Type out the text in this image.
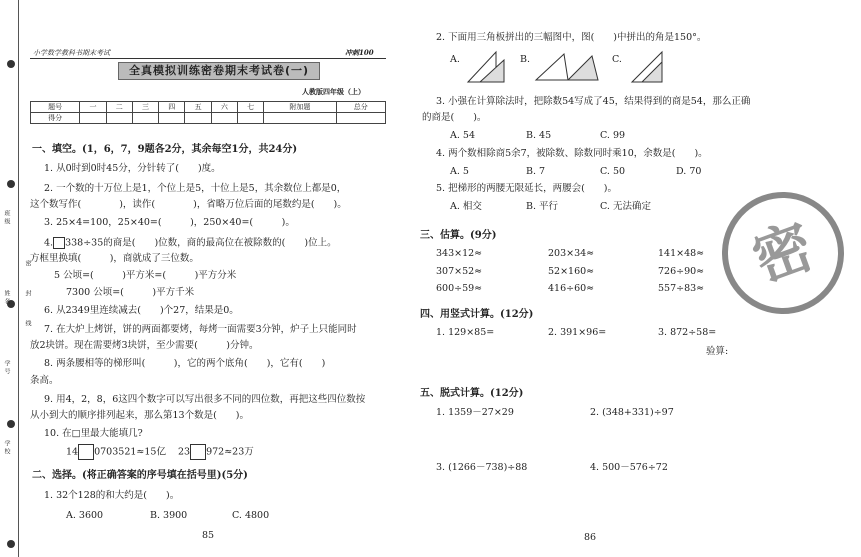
班级
姓名
学号
学校
密
封
线
小学数学教科书期末考试	冲刺100
全真模拟训练密卷期末考试卷(一)
人教版四年级（上）
题号	一	二	三	四	五	六	七	附加题	总分
得分									
一、填空。(1，6，7，9题各2分，其余每空1分，共24分)
1. 从0时到0时45分，分针转了(　　)度。
2. 一个数的十万位上是1，个位上是5，十位上是5，其余数位上都是0，
这个数写作(　　　　)，读作(　　　　)，省略万位后面的尾数约是(　　)。
3. 25×4=100，25×40=(　　　)，250×40=(　　　)。
4. 338÷35的商是(　　)位数，商的最高位在被除数的(　　)位上。
方框里换填(　　　)，商就成了三位数。
5 公顷=(　　　)平方米=(　　　)平方分米
7300 公顷=(　　　)平方千米
6. 从2349里连续减去(　　)个27，结果是0。
7. 在大炉上烤饼，饼的两面都要烤，每烤一面需要3分钟，炉子上只能同时
放2块饼。现在需要烤3块饼，至少需要(　　　)分钟。
8. 两条腰相等的梯形叫(　　　)，它的两个底角(　　)，它有(　　)
条高。
9. 用4，2，8，6这四个数字可以写出很多不同的四位数，再把这些四位数按
从小到大的顺序排列起来，那么第13个数是(　　)。
10. 在□里最大能填几?
14 0703521≈15亿 23 972≈23万
二、选择。(将正确答案的序号填在括号里)(5分)
1. 32个128的和大约是(　　)。
A. 3600	B. 3900	C. 4800
85
2. 下面用三角板拼出的三幅图中，图(　　)中拼出的角是150°。
A.	B.	C.
3. 小强在计算除法时，把除数54写成了45，结果得到的商是54，那么正确
的商是(　　)。
A. 54	B. 45	C. 99
4. 两个数相除商5余7，被除数、除数同时乘10，余数是(　　)。
A. 5	B. 7	C. 50	D. 70
5. 把梯形的两腰无限延长，两腰会(　　)。
A. 相交	B. 平行	C. 无法确定
三、估算。(9分)
343×12≈	203×34≈	141×48≈
307×52≈	52×160≈	726÷90≈
600÷59≈	416÷60≈	557÷83≈ 密
四、用竖式计算。(12分)
1. 129×85=	2. 391×96=	3. 872÷58=
验算:
五、脱式计算。(12分)
1. 1359－27×29	2. (348+331)÷97
3. (1266－738)÷88	4. 500－576÷72
86
